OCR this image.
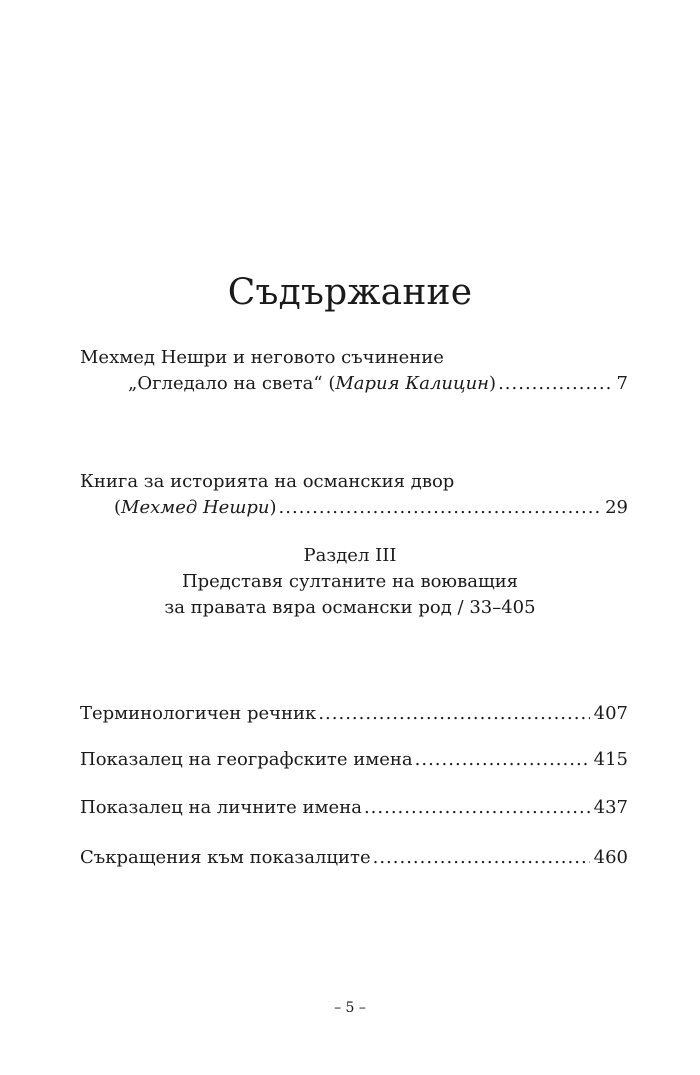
Съдържание
Мехмед Нешри и неговото съчинение
„Огледало на света“ (Мария Калицин) .....	7
Книга за историята на османския двор
(Мехмед Нешри) .....	29
Раздел III
Представя султаните на воюващия
за правата вяра османски род / 33–405
Терминологичен речник .....	407
Показалец на географските имена .....	415
Показалец на личните имена .....	437
Съкращения към показалците .....	460
– 5 –
